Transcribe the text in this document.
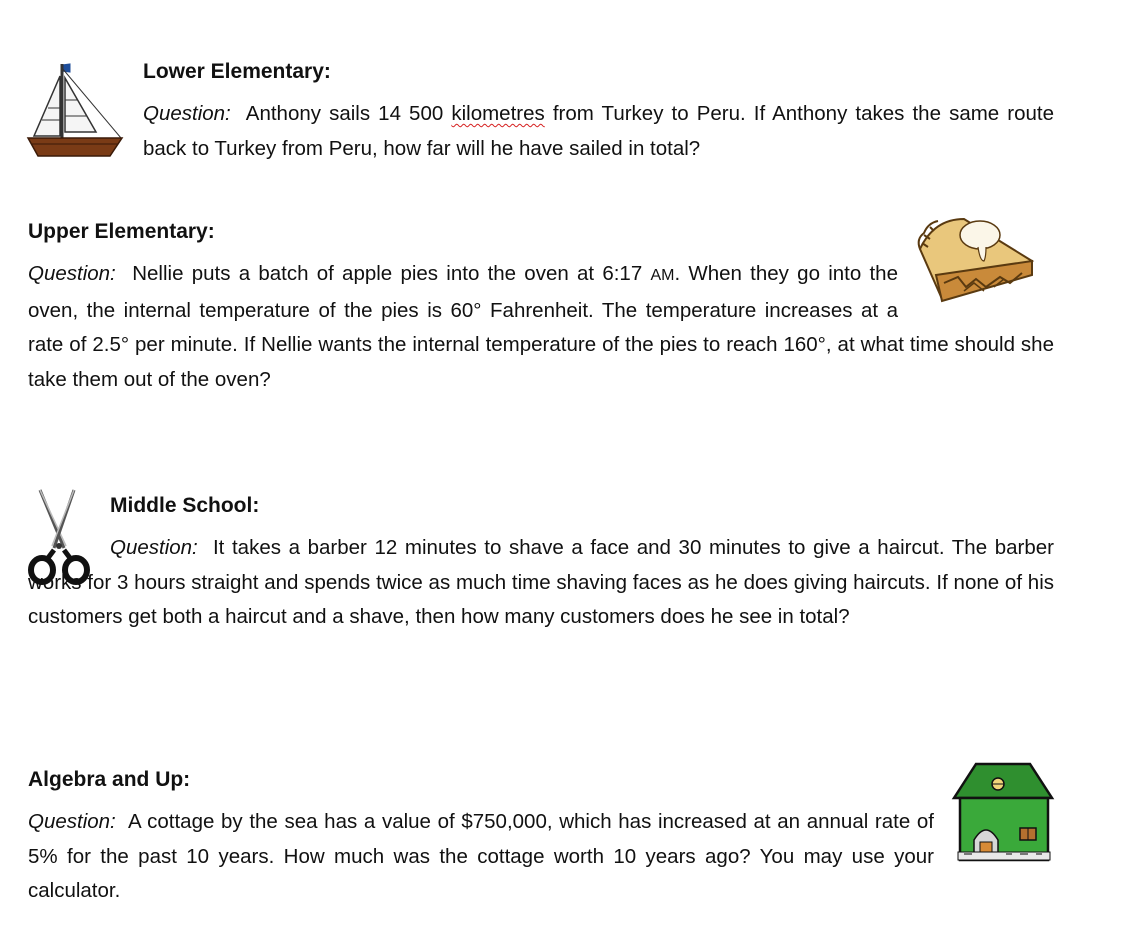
Lower Elementary:
Question: Anthony sails 14 500 kilometres from Turkey to Peru. If Anthony takes the same route back to Turkey from Peru, how far will he have sailed in total?
Upper Elementary:
Question: Nellie puts a batch of apple pies into the oven at 6:17 AM. When they go into the oven, the internal temperature of the pies is 60° Fahrenheit. The temperature increases at a rate of 2.5° per minute. If Nellie wants the internal temperature of the pies to reach 160°, at what time should she take them out of the oven?
Middle School:
Question: It takes a barber 12 minutes to shave a face and 30 minutes to give a haircut. The barber works for 3 hours straight and spends twice as much time shaving faces as he does giving haircuts. If none of his customers get both a haircut and a shave, then how many customers does he see in total?
Algebra and Up:
Question: A cottage by the sea has a value of $750,000, which has increased at an annual rate of 5% for the past 10 years. How much was the cottage worth 10 years ago? You may use your calculator.
